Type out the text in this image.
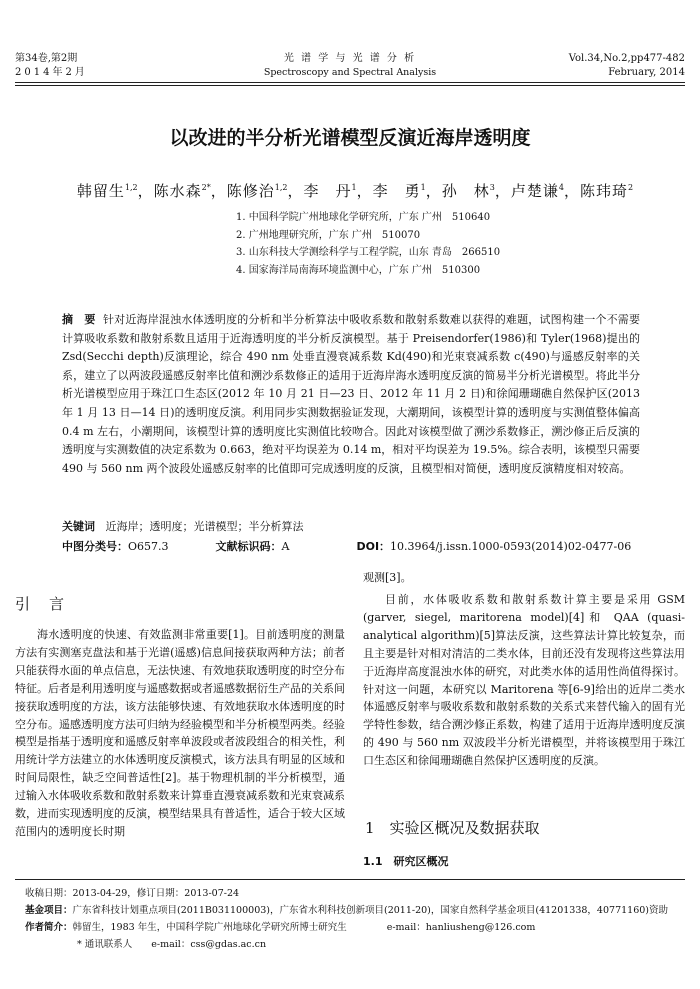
第34卷,第2期
2014年2月
光 谱 学 与 光 谱 分 析
Spectroscopy and Spectral Analysis
Vol.34,No.2,pp477-482
February, 2014
以改进的半分析光谱模型反演近海岸透明度
韩留生$^{1,2}$，陈水森$^{2*}$，陈修治$^{1,2}$，李　丹$^1$，李　勇$^1$，孙　林$^3$，卢楚谦$^4$，陈玮琦$^2$
1. 中国科学院广州地球化学研究所，广东 广州　510640
2. 广州地理研究所，广东 广州　510070
3. 山东科技大学测绘科学与工程学院，山东 青岛　266510
4. 国家海洋局南海环境监测中心，广东 广州　510300
摘　要 针对近海岸混浊水体透明度的分析和半分析算法中吸收系数和散射系数难以获得的难题，试图构建一个不需要计算吸收系数和散射系数且适用于近海透明度的半分析反演模型。基于 Preisendorfer(1986)和 Tyler(1968)提出的 Zsd(Secchi depth)反演理论，综合 490 nm 处垂直漫衰减系数 Kd(490)和光束衰减系数 c(490)与遥感反射率的关系，建立了以两波段遥感反射率比值和溯沙系数修正的适用于近海岸海水透明度反演的简易半分析光谱模型。将此半分析光谱模型应用于珠江口生态区(2012 年 10 月 21 日—23 日、2012 年 11 月 2 日)和徐闻珊瑚礁自然保护区(2013 年 1 月 13 日—14 日)的透明度反演。利用同步实测数据验证发现，大潮期间，该模型计算的透明度与实测值整体偏高 0.4 m 左右，小潮期间，该模型计算的透明度比实测值比较吻合。因此对该模型做了溯沙系数修正，溯沙修正后反演的透明度与实测数值的决定系数为 0.663，绝对平均误差为 0.14 m，相对平均误差为 19.5%。综合表明，该模型只需要 490 与 560 nm 两个波段处遥感反射率的比值即可完成透明度的反演，且模型相对简便，透明度反演精度相对较高。
关键词 近海岸；透明度；光谱模型；半分析算法
中图分类号：O657.3	文献标识码：A	DOI：10.3964/j.issn.1000-0593(2014)02-0477-06
引　言
海水透明度的快速、有效监测非常重要[1]。目前透明度的测量方法有实测塞克盘法和基于光谱(遥感)信息间接获取两种方法；前者只能获得水面的单点信息，无法快速、有效地获取透明度的时空分布特征。后者是利用透明度与遥感数据或者遥感数据衍生产品的关系间接获取透明度的方法，该方法能够快速、有效地获取水体透明度的时空分布。遥感透明度方法可归纳为经验模型和半分析模型两类。经验模型是指基于透明度和遥感反射率单波段或者波段组合的相关性，利用统计学方法建立的水体透明度反演模式，该方法具有明显的区域和时间局限性，缺乏空间普适性[2]。基于物理机制的半分析模型，通过输入水体吸收系数和散射系数来计算垂直漫衰减系数和光束衰减系数，进而实现透明度的反演，模型结果具有普适性，适合于较大区域范围内的透明度长时期
观测[3]。
目前，水体吸收系数和散射系数计算主要是采用 GSM (garver, siegel, maritorena model)[4]和 QAA (quasi-analytical algorithm)[5]算法反演，这些算法计算比较复杂，而且主要是针对相对清洁的二类水体，目前还没有发现将这些算法用于近海岸高度混浊水体的研究，对此类水体的适用性尚值得探讨。针对这一问题，本研究以 Maritorena 等[6-9]给出的近岸二类水体遥感反射率与吸收系数和散射系数的关系式来替代输入的固有光学特性参数，结合溯沙修正系数，构建了适用于近海岸透明度反演的 490 与 560 nm 双波段半分析光谱模型，并将该模型用于珠江口生态区和徐闻珊瑚礁自然保护区透明度的反演。
1　实验区概况及数据获取
1.1　研究区概况
收稿日期：2013-04-29，修订日期：2013-07-24
基金项目： 广东省科技计划重点项目(2011B031100003)，广东省水利科技创新项目(2011-20)，国家自然科学基金项目(41201338，40771160)资助
作者简介： 韩留生，1983 年生，中国科学院广州地球化学研究所博士研究生	e-mail：hanliusheng@126.com
* 通讯联系人　　e-mail：css@gdas.ac.cn
